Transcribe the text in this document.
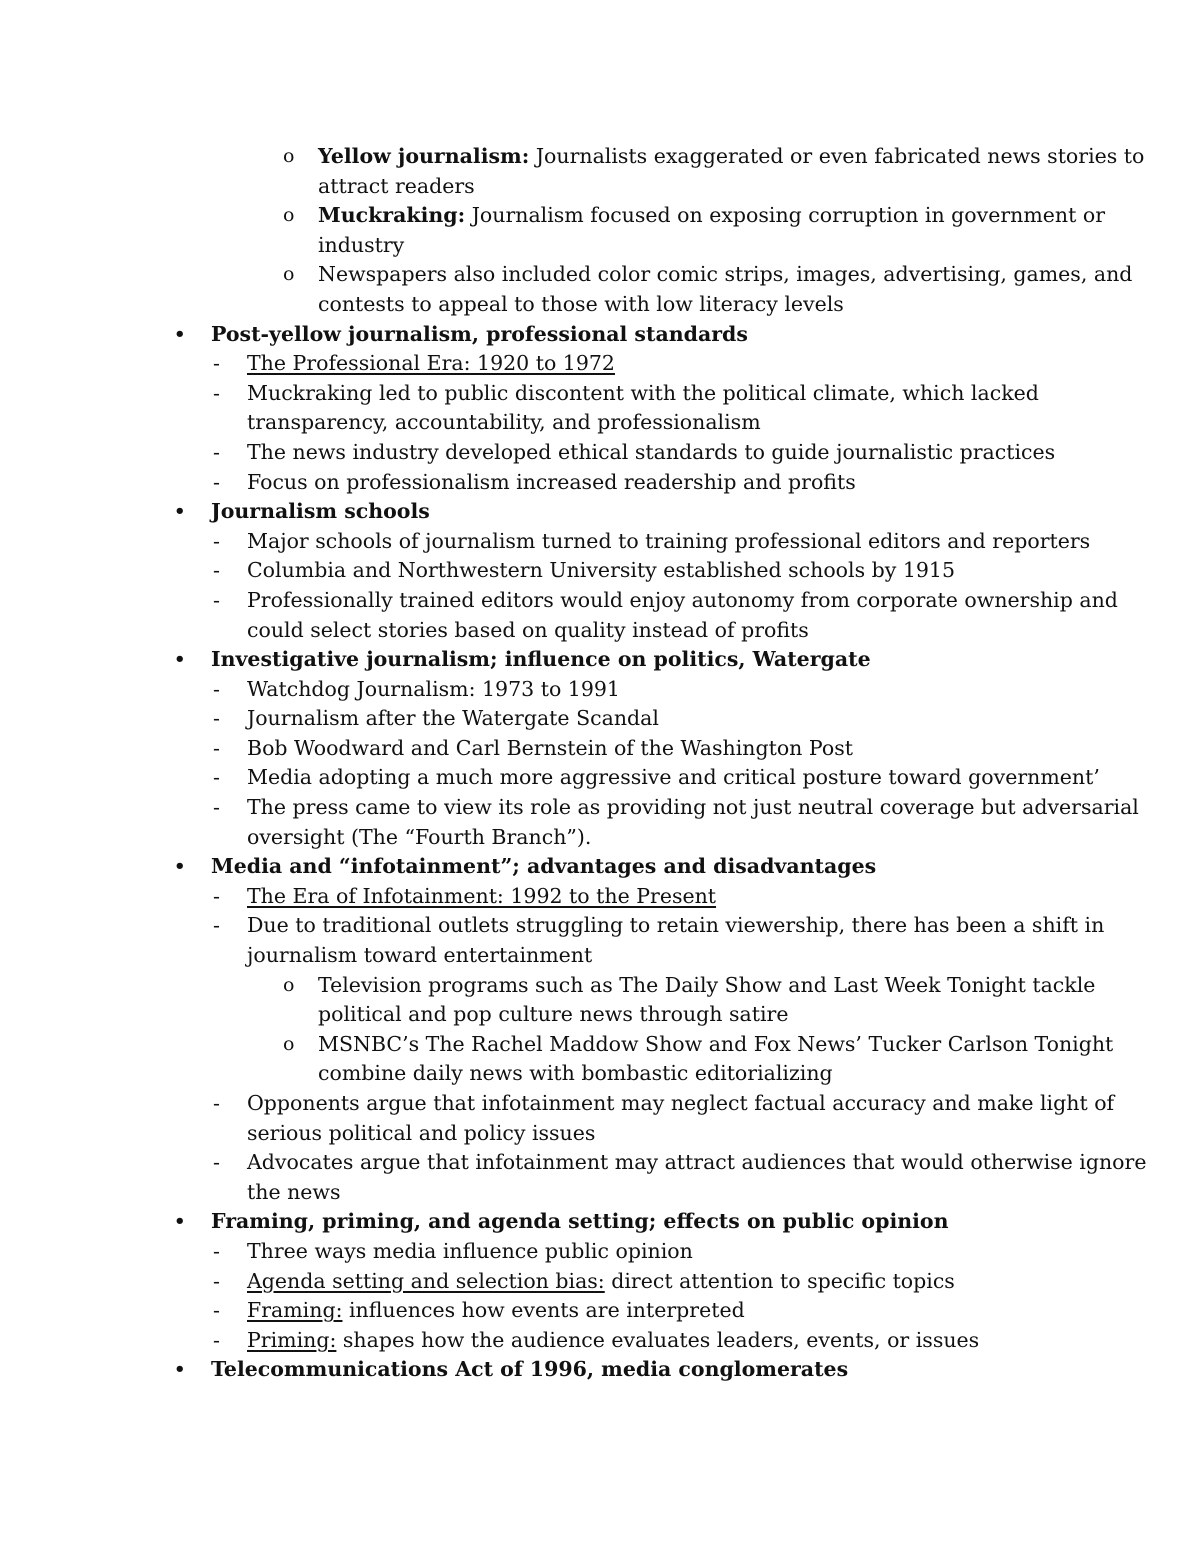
o Yellow journalism: Journalists exaggerated or even fabricated news stories to
attract readers
o Muckraking: Journalism focused on exposing corruption in government or
industry
o Newspapers also included color comic strips, images, advertising, games, and
contests to appeal to those with low literacy levels
• Post-yellow journalism, professional standards
- The Professional Era: 1920 to 1972
- Muckraking led to public discontent with the political climate, which lacked
transparency, accountability, and professionalism
- The news industry developed ethical standards to guide journalistic practices
- Focus on professionalism increased readership and profits
• Journalism schools
- Major schools of journalism turned to training professional editors and reporters
- Columbia and Northwestern University established schools by 1915
- Professionally trained editors would enjoy autonomy from corporate ownership and
could select stories based on quality instead of profits
• Investigative journalism; influence on politics, Watergate
- Watchdog Journalism: 1973 to 1991
- Journalism after the Watergate Scandal
- Bob Woodward and Carl Bernstein of the Washington Post
- Media adopting a much more aggressive and critical posture toward government’
- The press came to view its role as providing not just neutral coverage but adversarial
oversight (The “Fourth Branch”).
• Media and “infotainment”; advantages and disadvantages
- The Era of Infotainment: 1992 to the Present
- Due to traditional outlets struggling to retain viewership, there has been a shift in
journalism toward entertainment
o Television programs such as The Daily Show and Last Week Tonight tackle
political and pop culture news through satire
o MSNBC’s The Rachel Maddow Show and Fox News’ Tucker Carlson Tonight
combine daily news with bombastic editorializing
- Opponents argue that infotainment may neglect factual accuracy and make light of
serious political and policy issues
- Advocates argue that infotainment may attract audiences that would otherwise ignore
the news
• Framing, priming, and agenda setting; effects on public opinion
- Three ways media influence public opinion
- Agenda setting and selection bias: direct attention to specific topics
- Framing: influences how events are interpreted
- Priming: shapes how the audience evaluates leaders, events, or issues
• Telecommunications Act of 1996, media conglomerates
